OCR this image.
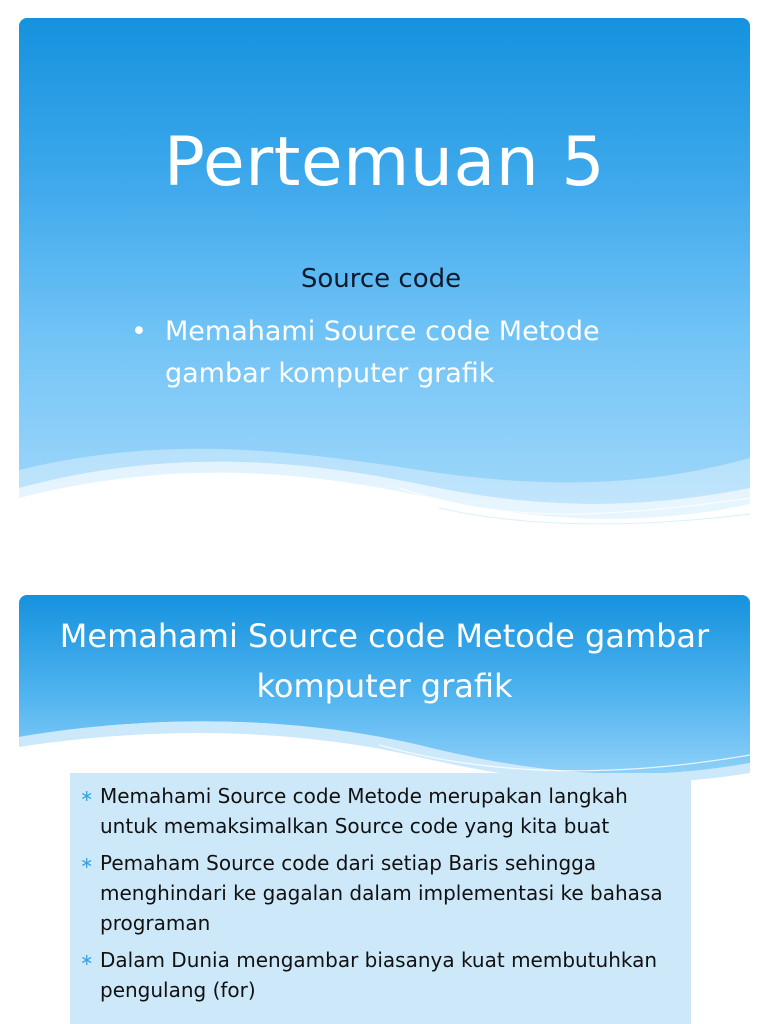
Pertemuan 5
Source code
• Memahami Source code Metode gambar komputer grafik
Memahami Source code Metode gambar komputer grafik
∗ Memahami Source code Metode merupakan langkah untuk memaksimalkan Source code yang kita buat
∗ Pemaham Source code dari setiap Baris sehingga menghindari ke gagalan dalam implementasi ke bahasa programan
∗ Dalam Dunia mengambar biasanya kuat membutuhkan pengulang (for)
